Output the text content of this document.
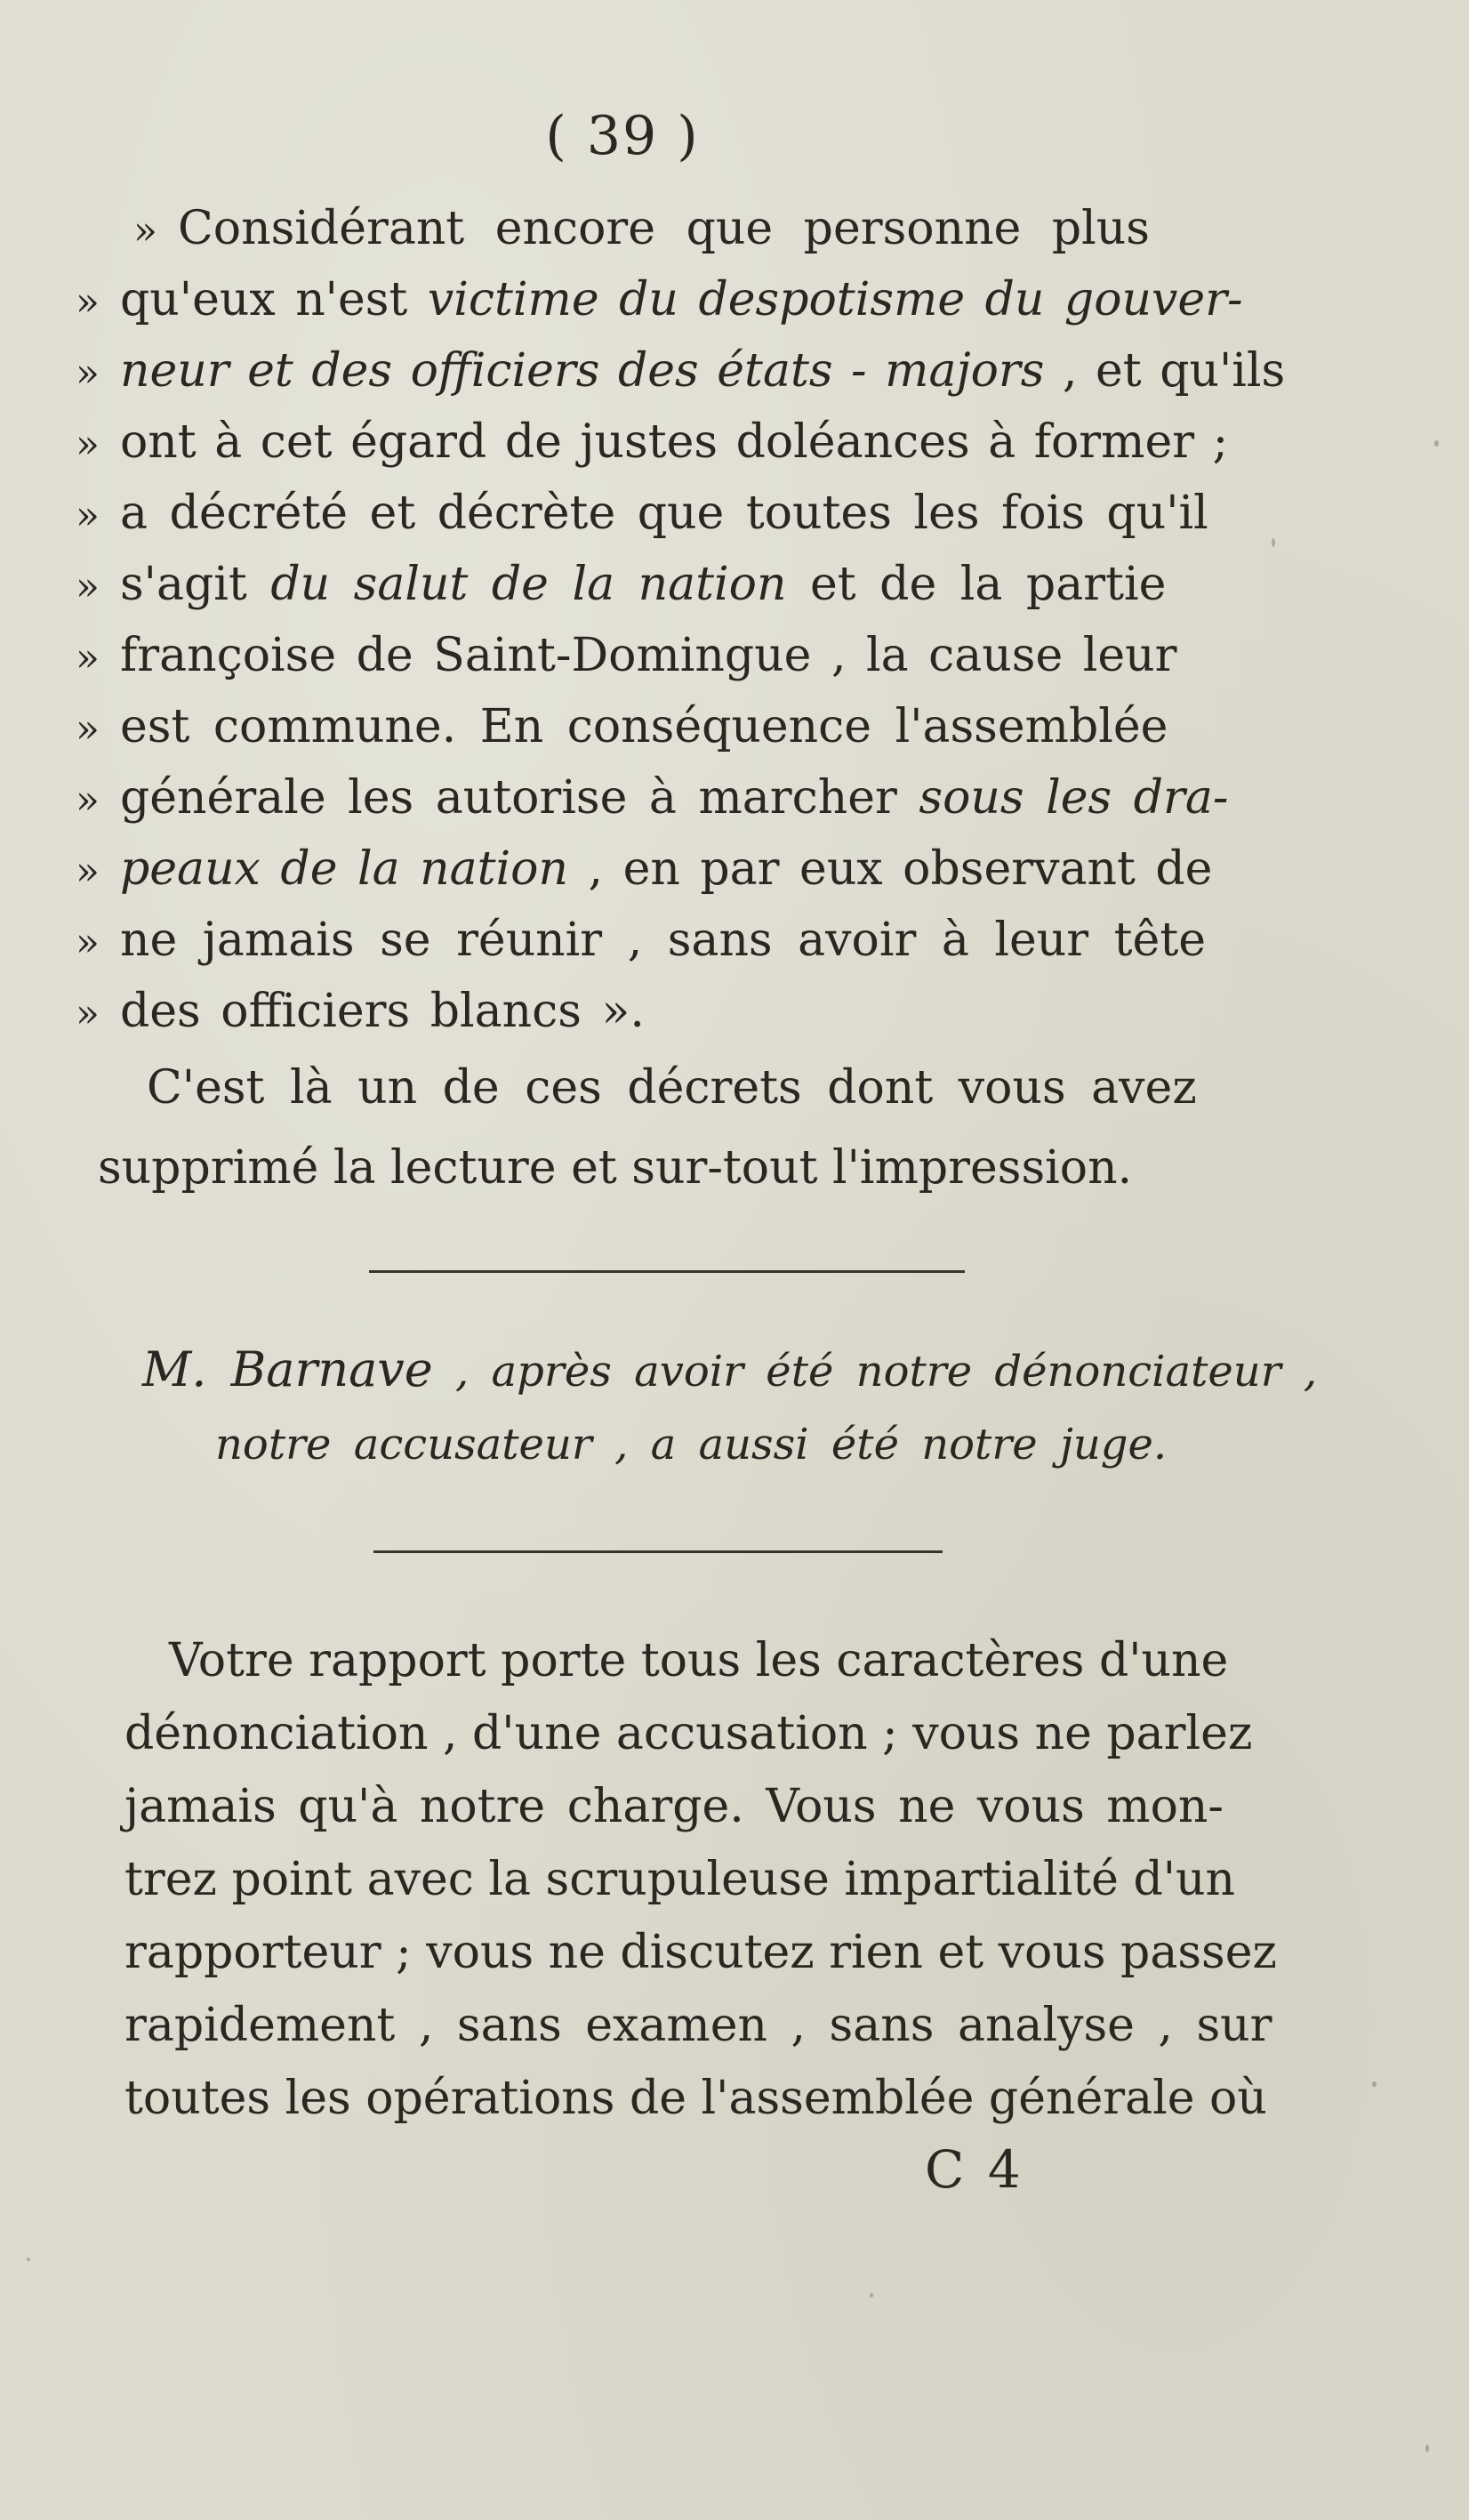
( 39 )
» Considérant encore que personne plus
» qu'eux n'est victime du despotisme du gouver-
» neur et des officiers des états - majors , et qu'ils
» ont à cet égard de justes doléances à former ;
» a décrété et décrète que toutes les fois qu'il
» s'agit du salut de la nation et de la partie
» françoise de Saint-Domingue , la cause leur
» est commune. En conséquence l'assemblée
» générale les autorise à marcher sous les dra-
» peaux de la nation , en par eux observant de
» ne jamais se réunir , sans avoir à leur tête
» des officiers blancs ».
C'est là un de ces décrets dont vous avez
supprimé la lecture et sur-tout l'impression.
M. Barnave , après avoir été notre dénonciateur ,
notre accusateur , a aussi été notre juge.
Votre rapport porte tous les caractères d'une
dénonciation , d'une accusation ; vous ne parlez
jamais qu'à notre charge. Vous ne vous mon-
trez point avec la scrupuleuse impartialité d'un
rapporteur ; vous ne discutez rien et vous passez
rapidement , sans examen , sans analyse , sur
toutes les opérations de l'assemblée générale où
C 4
